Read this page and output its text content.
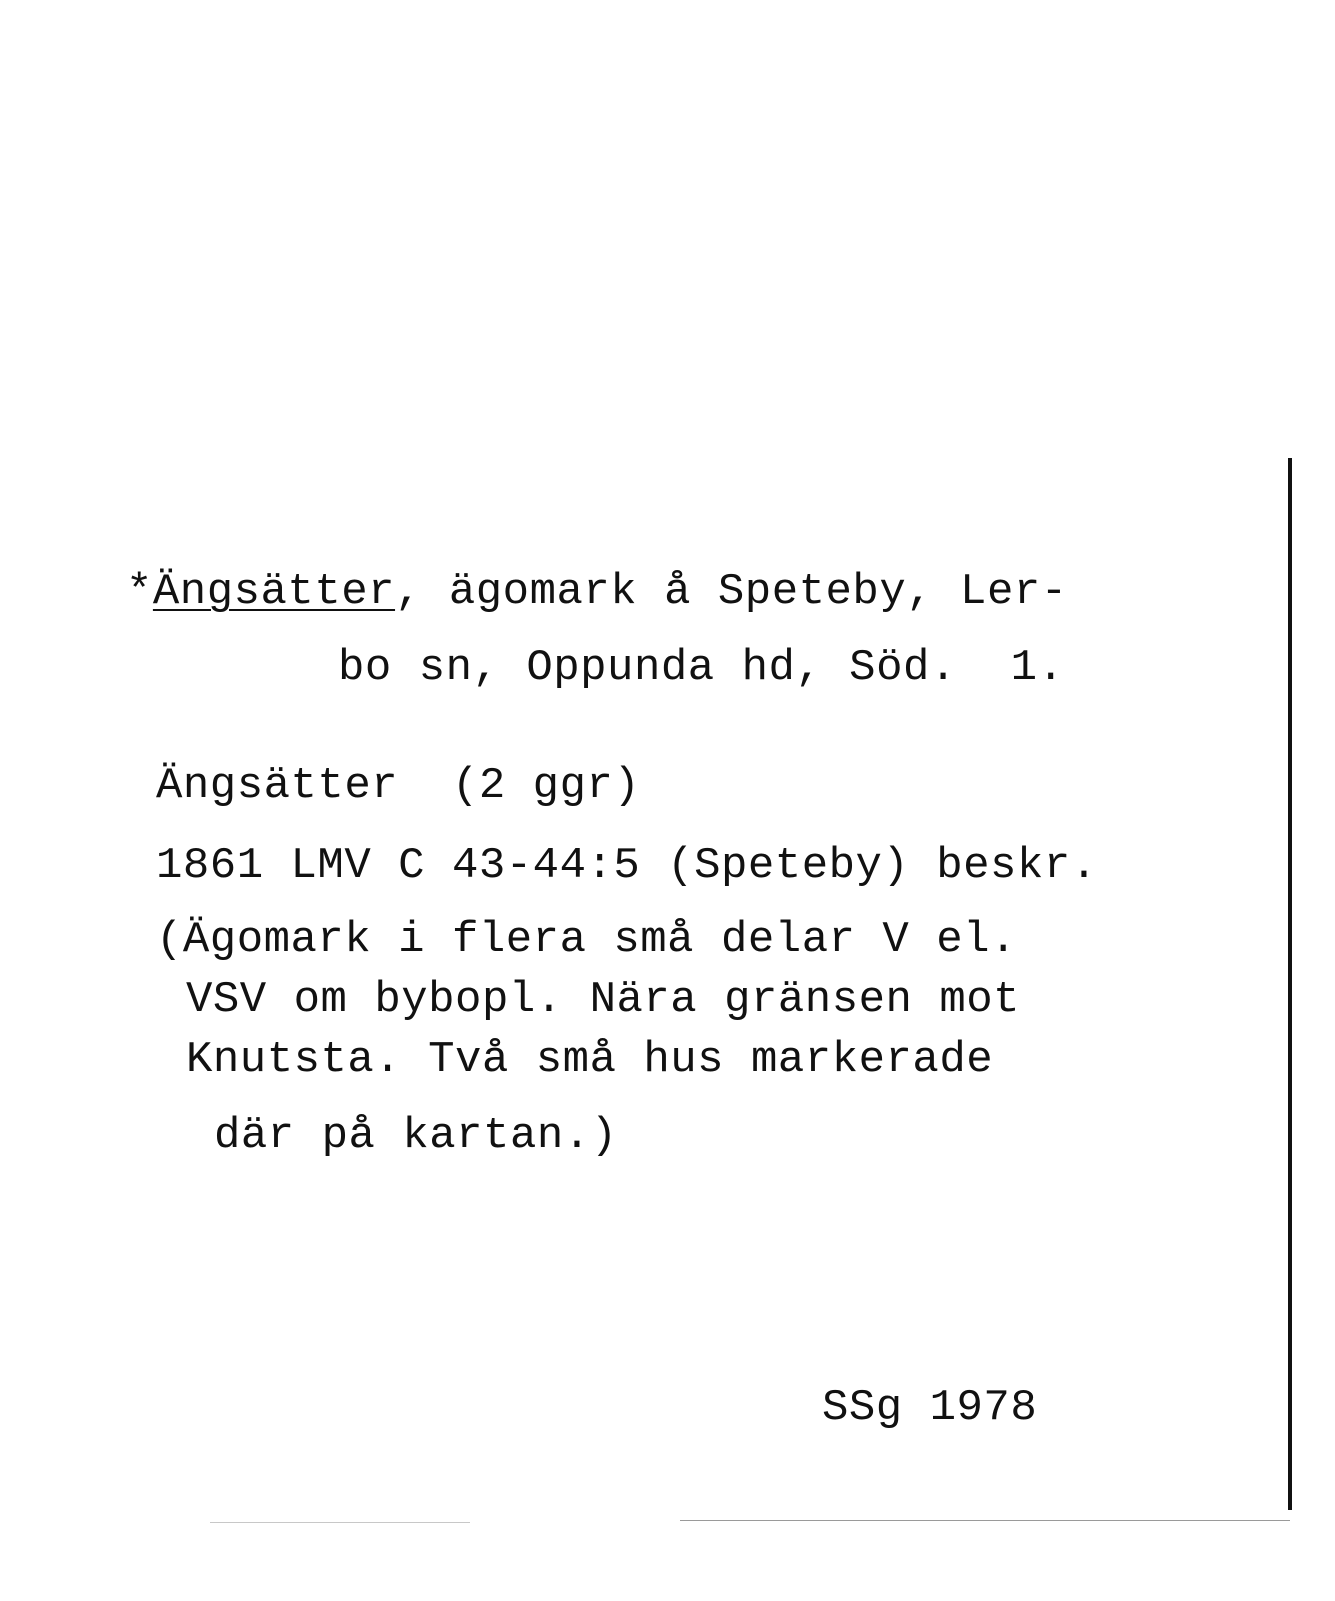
*Ängsätter, ägomark å Speteby, Ler-
bo sn, Oppunda hd, Söd.  1.
Ängsätter  (2 ggr)
1861 LMV C 43-44:5 (Speteby) beskr.
(Ägomark i flera små delar V el.
VSV om bybopl. Nära gränsen mot
Knutsta. Två små hus markerade
där på kartan.)
SSg 1978
